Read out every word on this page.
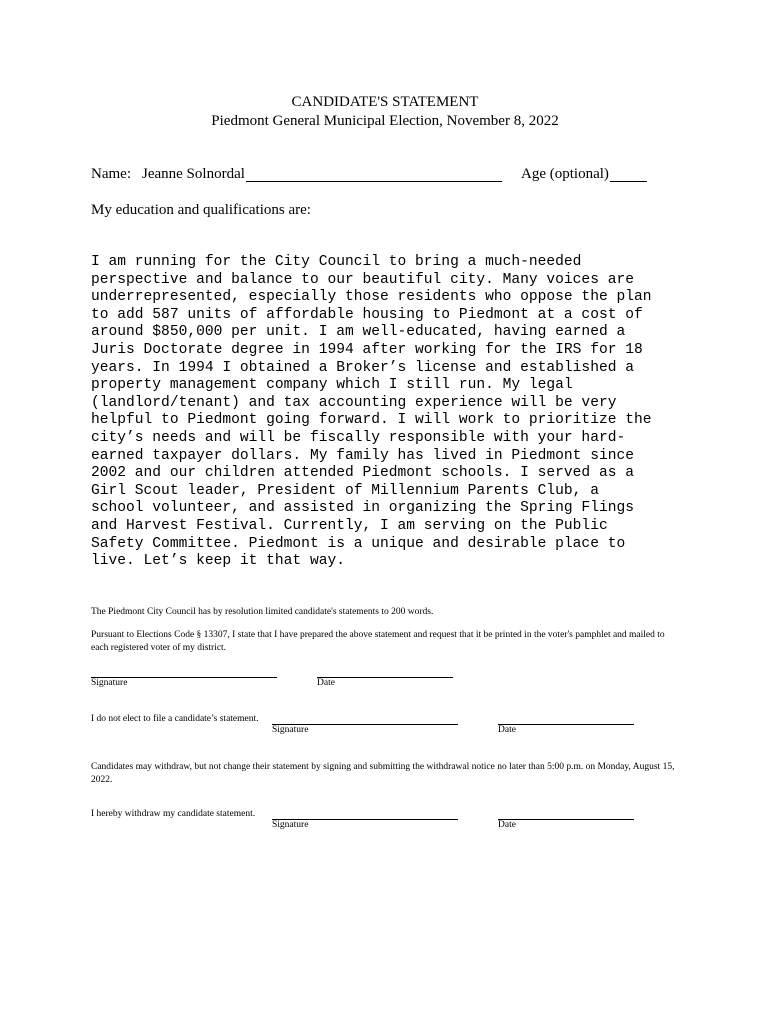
CANDIDATE'S STATEMENT
Piedmont General Municipal Election, November 8, 2022
Name: Jeanne Solnordal	Age (optional)
My education and qualifications are:
I am running for the City Council to bring a much-needed
perspective and balance to our beautiful city. Many voices are
underrepresented, especially those residents who oppose the plan
to add 587 units of affordable housing to Piedmont at a cost of
around $850,000 per unit. I am well-educated, having earned a
Juris Doctorate degree in 1994 after working for the IRS for 18
years. In 1994 I obtained a Broker’s license and established a
property management company which I still run. My legal
(landlord/tenant) and tax accounting experience will be very
helpful to Piedmont going forward. I will work to prioritize the
city’s needs and will be fiscally responsible with your hard-
earned taxpayer dollars. My family has lived in Piedmont since
2002 and our children attended Piedmont schools. I served as a
Girl Scout leader, President of Millennium Parents Club, a
school volunteer, and assisted in organizing the Spring Flings
and Harvest Festival. Currently, I am serving on the Public
Safety Committee. Piedmont is a unique and desirable place to
live. Let’s keep it that way.
The Piedmont City Council has by resolution limited candidate's statements to 200 words.
Pursuant to Elections Code § 13307, I state that I have prepared the above statement and request that it be printed in the voter's pamphlet and mailed to each registered voter of my district.
Signature	Date
I do not elect to file a candidate’s statement.
Signature	Date
Candidates may withdraw, but not change their statement by signing and submitting the withdrawal notice no later than 5:00 p.m. on Monday, August 15, 2022.
I hereby withdraw my candidate statement.
Signature	Date
